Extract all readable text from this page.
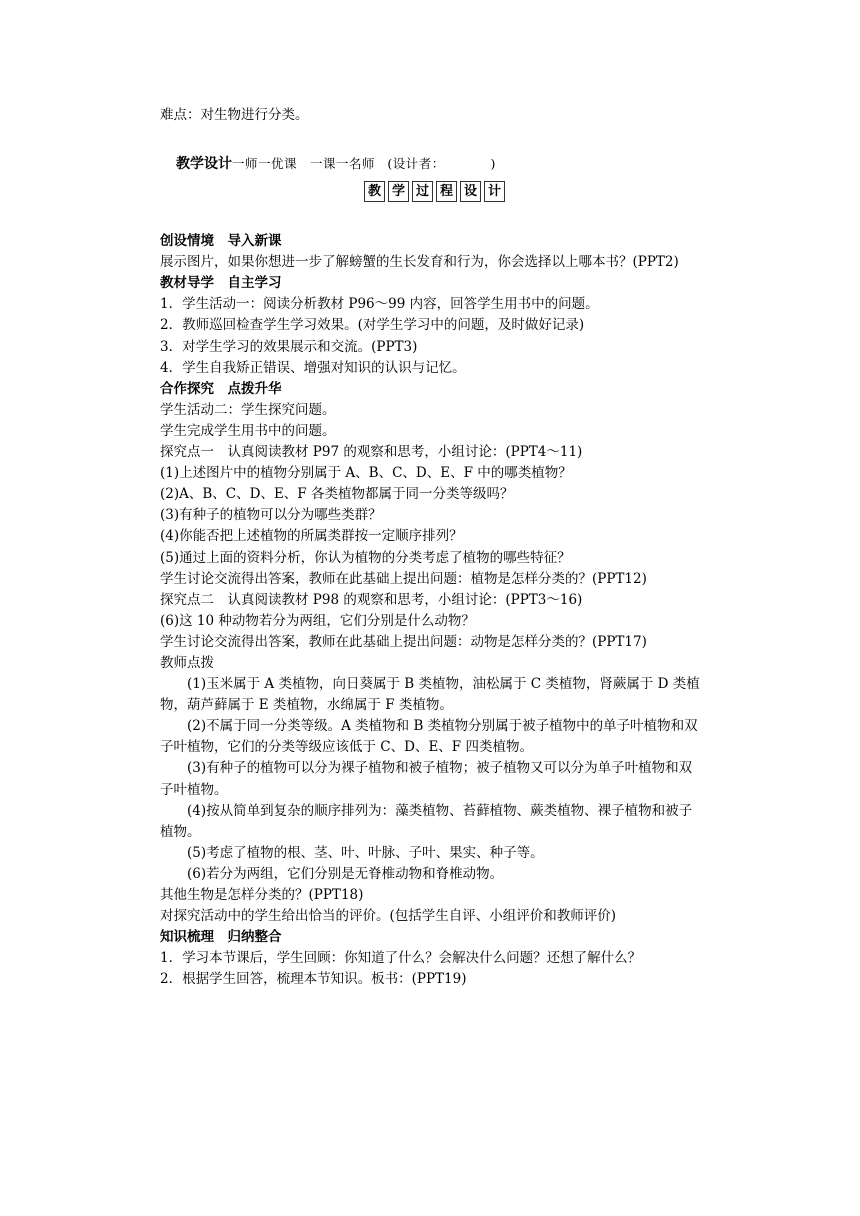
难点：对生物进行分类。
教学设计一师一优课　一课一名师 (设计者：　　　　)
教 学 过 程 设 计
创设情境　导入新课
展示图片，如果你想进一步了解螃蟹的生长发育和行为，你会选择以上哪本书？(PPT2)
教材导学　自主学习
1．学生活动一：阅读分析教材 P96～99 内容，回答学生用书中的问题。
2．教师巡回检查学生学习效果。(对学生学习中的问题，及时做好记录)
3．对学生学习的效果展示和交流。(PPT3)
4．学生自我矫正错误、增强对知识的认识与记忆。
合作探究　点拨升华
学生活动二：学生探究问题。
学生完成学生用书中的问题。
探究点一　认真阅读教材 P97 的观察和思考，小组讨论：(PPT4～11)
(1)上述图片中的植物分别属于 A、B、C、D、E、F 中的哪类植物？
(2)A、B、C、D、E、F 各类植物都属于同一分类等级吗？
(3)有种子的植物可以分为哪些类群？
(4)你能否把上述植物的所属类群按一定顺序排列？
(5)通过上面的资料分析，你认为植物的分类考虑了植物的哪些特征？
学生讨论交流得出答案，教师在此基础上提出问题：植物是怎样分类的？(PPT12)
探究点二　认真阅读教材 P98 的观察和思考，小组讨论：(PPT3～16)
(6)这 10 种动物若分为两组，它们分别是什么动物？
学生讨论交流得出答案，教师在此基础上提出问题：动物是怎样分类的？(PPT17)
教师点拨
(1)玉米属于 A 类植物，向日葵属于 B 类植物，油松属于 C 类植物，肾蕨属于 D 类植物，葫芦藓属于 E 类植物，水绵属于 F 类植物。
(2)不属于同一分类等级。A 类植物和 B 类植物分别属于被子植物中的单子叶植物和双子叶植物，它们的分类等级应该低于 C、D、E、F 四类植物。
(3)有种子的植物可以分为裸子植物和被子植物；被子植物又可以分为单子叶植物和双子叶植物。
(4)按从简单到复杂的顺序排列为：藻类植物、苔藓植物、蕨类植物、裸子植物和被子植物。
(5)考虑了植物的根、茎、叶、叶脉、子叶、果实、种子等。
(6)若分为两组，它们分别是无脊椎动物和脊椎动物。
其他生物是怎样分类的？(PPT18)
对探究活动中的学生给出恰当的评价。(包括学生自评、小组评价和教师评价)
知识梳理　归纳整合
1．学习本节课后，学生回顾：你知道了什么？会解决什么问题？还想了解什么？
2．根据学生回答，梳理本节知识。板书：(PPT19)
